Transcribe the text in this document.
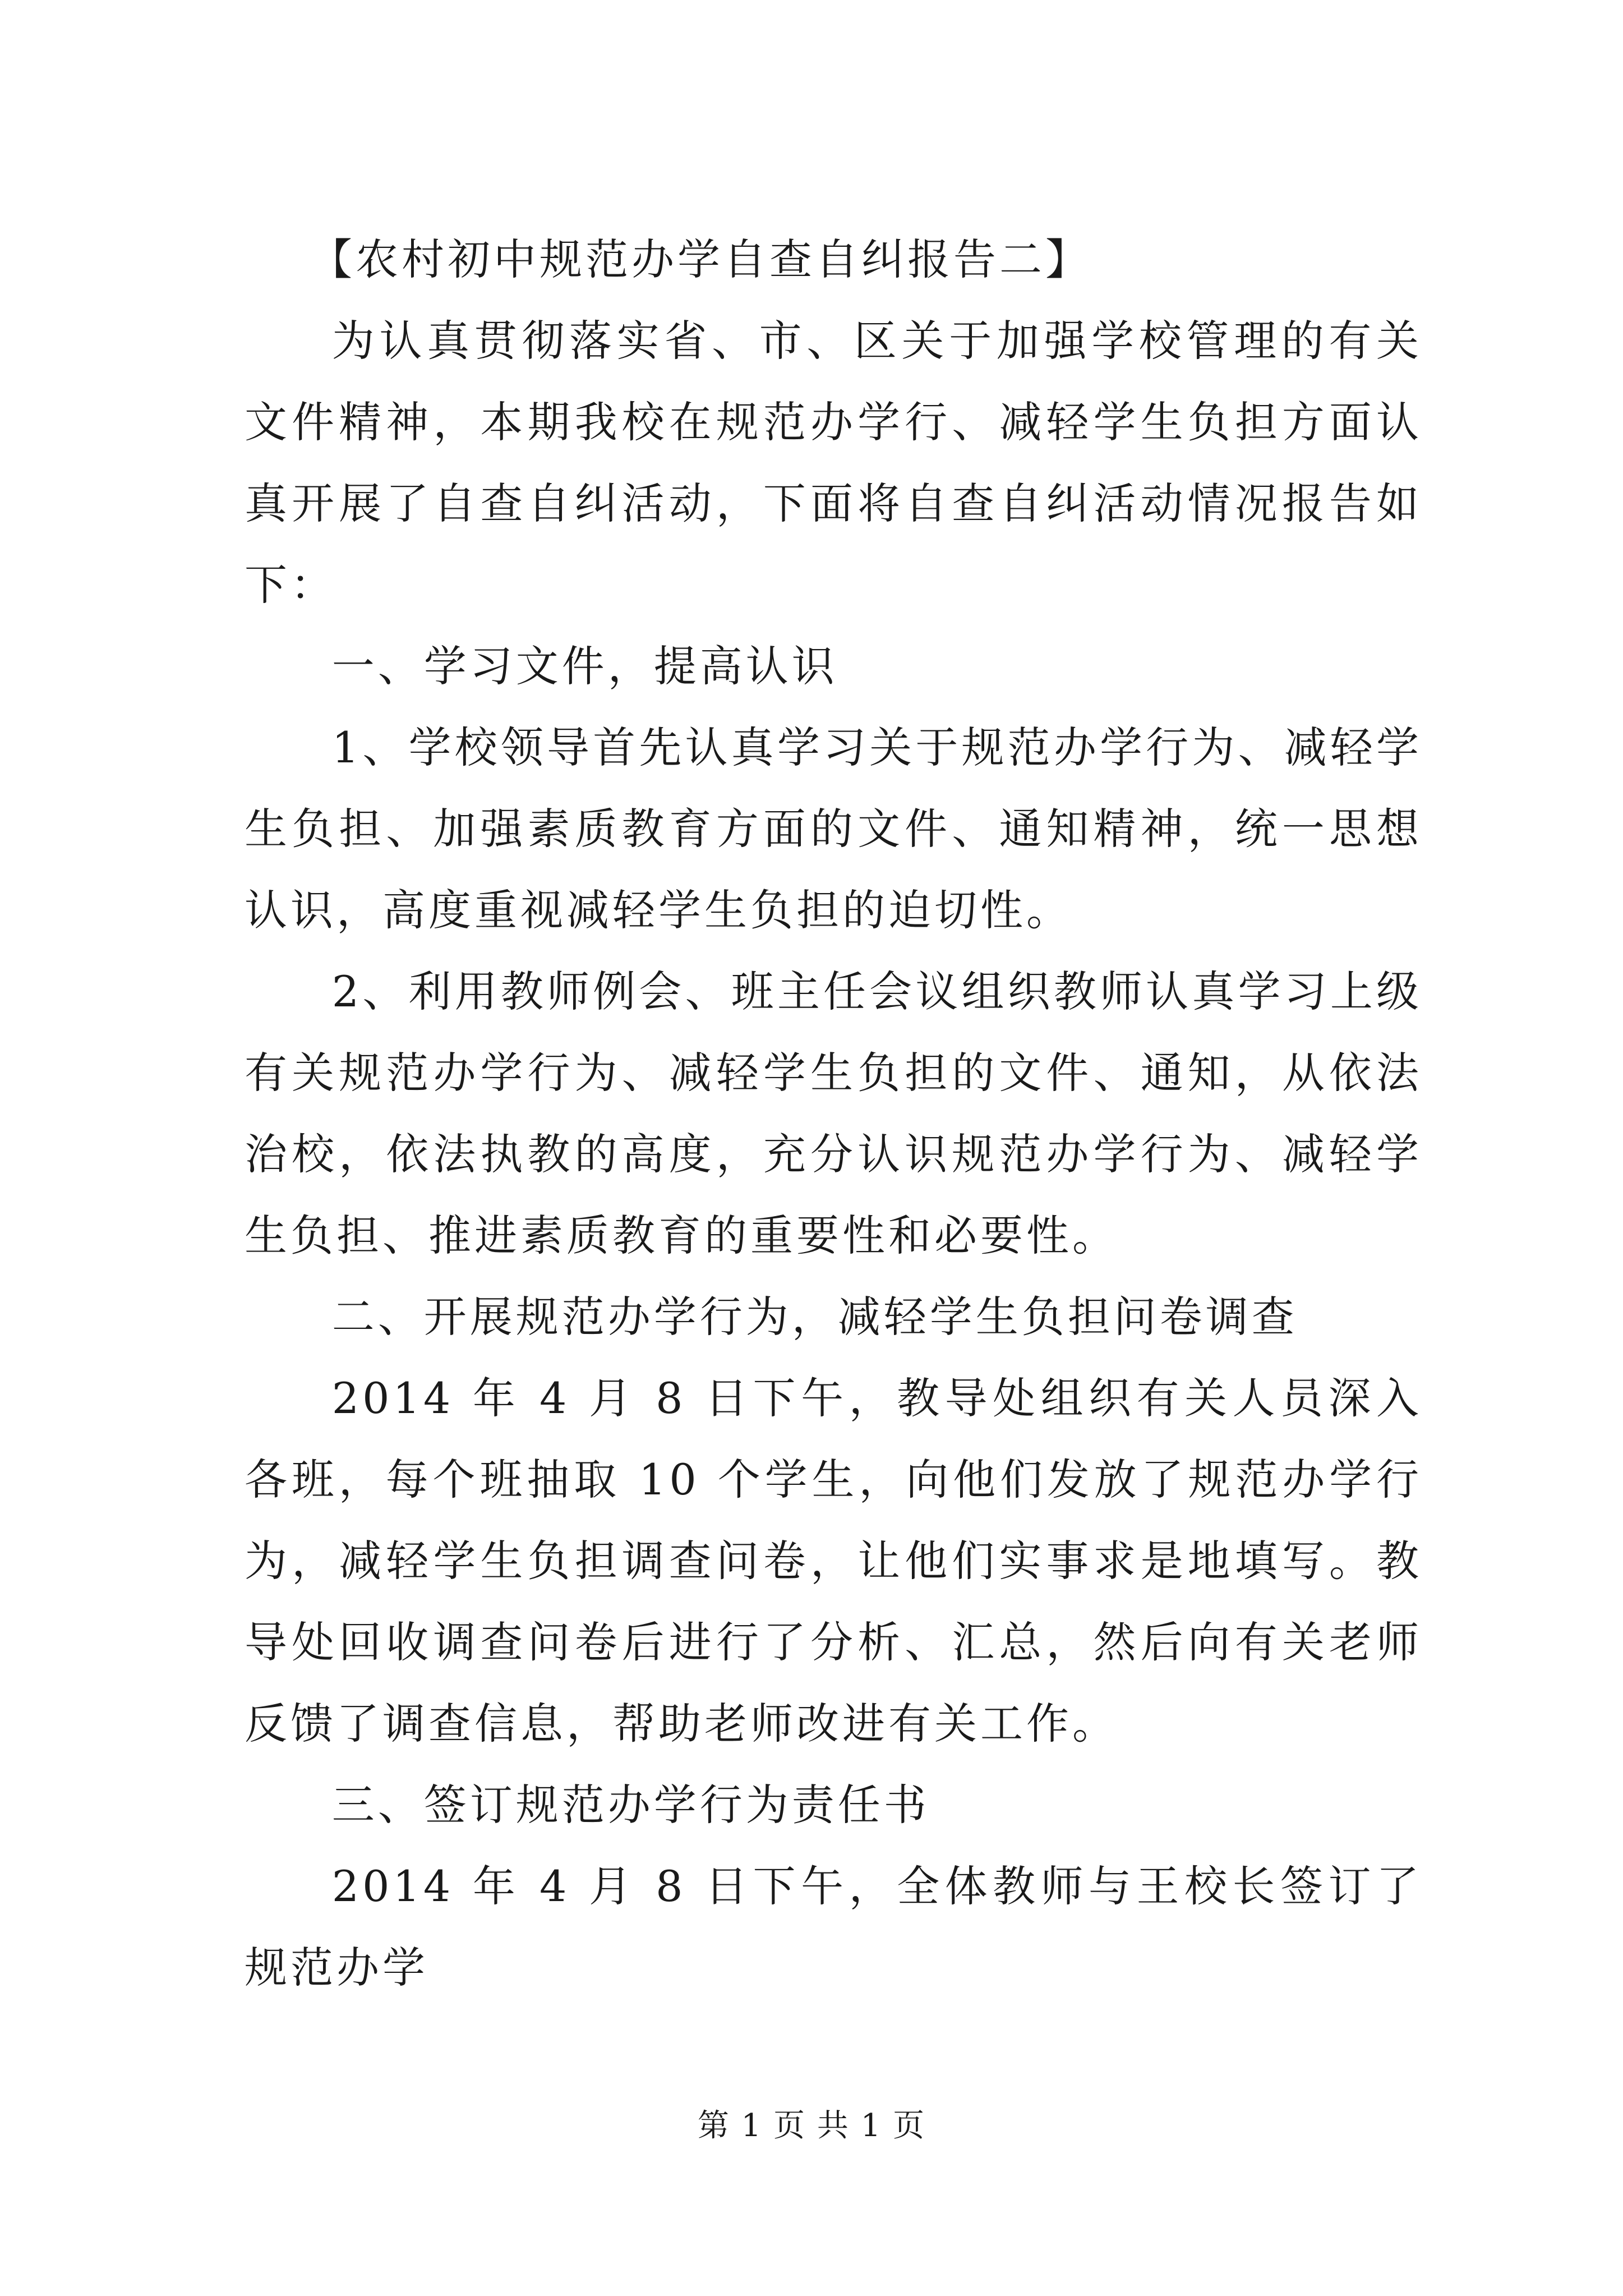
【农村初中规范办学自查自纠报告二】

为认真贯彻落实省、市、区关于加强学校管理的有关文件精神，本期我校在规范办学行、减轻学生负担方面认真开展了自查自纠活动，下面将自查自纠活动情况报告如下：

一、学习文件，提高认识

1、学校领导首先认真学习关于规范办学行为、减轻学生负担、加强素质教育方面的文件、通知精神，统一思想认识，高度重视减轻学生负担的迫切性。

2、利用教师例会、班主任会议组织教师认真学习上级有关规范办学行为、减轻学生负担的文件、通知，从依法治校，依法执教的高度，充分认识规范办学行为、减轻学生负担、推进素质教育的重要性和必要性。

二、开展规范办学行为，减轻学生负担问卷调查

2014 年 4 月 8 日下午，教导处组织有关人员深入各班，每个班抽取 10 个学生，向他们发放了规范办学行为，减轻学生负担调查问卷，让他们实事求是地填写。教导处回收调查问卷后进行了分析、汇总，然后向有关老师反馈了调查信息，帮助老师改进有关工作。

三、签订规范办学行为责任书

2014 年 4 月 8 日下午，全体教师与王校长签订了规范办学

第 1 页 共 1 页
